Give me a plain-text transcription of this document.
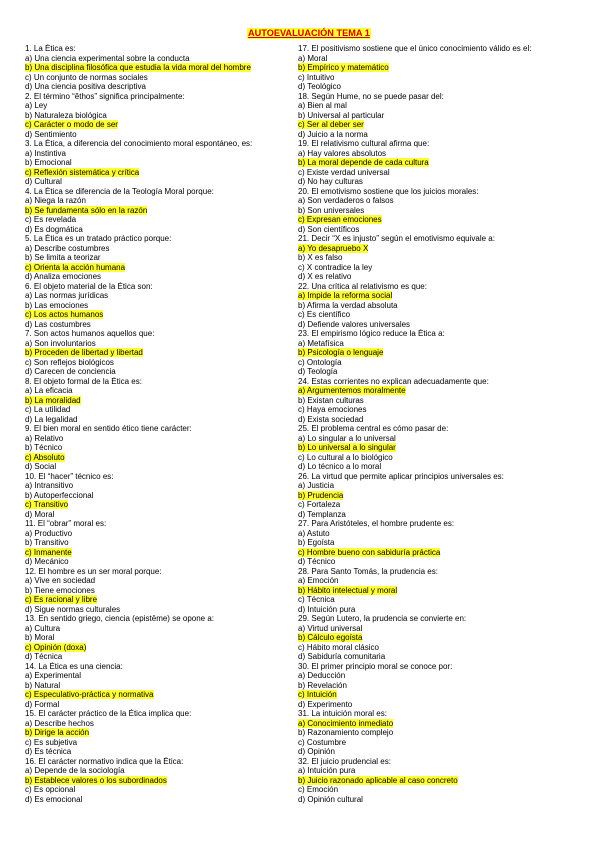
AUTOEVALUACIÓN TEMA 1
1. La Ética es:
a) Una ciencia experimental sobre la conducta
b) Una disciplina filosófica que estudia la vida moral del hombre
c) Un conjunto de normas sociales
d) Una ciencia positiva descriptiva
2. El término “êthos” significa principalmente:
a) Ley
b) Naturaleza biológica
c) Carácter o modo de ser
d) Sentimiento
3. La Ética, a diferencia del conocimiento moral espontáneo, es:
a) Instintiva
b) Emocional
c) Reflexión sistemática y crítica
d) Cultural
4. La Ética se diferencia de la Teología Moral porque:
a) Niega la razón
b) Se fundamenta sólo en la razón
c) Es revelada
d) Es dogmática
5. La Ética es un tratado práctico porque:
a) Describe costumbres
b) Se limita a teorizar
c) Orienta la acción humana
d) Analiza emociones
6. El objeto material de la Ética son:
a) Las normas jurídicas
b) Las emociones
c) Los actos humanos
d) Las costumbres
7. Son actos humanos aquellos que:
a) Son involuntarios
b) Proceden de libertad y libertad
c) Son reflejos biológicos
d) Carecen de conciencia
8. El objeto formal de la Ética es:
a) La eficacia
b) La moralidad
c) La utilidad
d) La legalidad
9. El bien moral en sentido ético tiene carácter:
a) Relativo
b) Técnico
c) Absoluto
d) Social
10. El “hacer” técnico es:
a) Intransitivo
b) Autoperfeccional
c) Transitivo
d) Moral
11. El “obrar” moral es:
a) Productivo
b) Transitivo
c) Inmanente
d) Mecánico
12. El hombre es un ser moral porque:
a) Vive en sociedad
b) Tiene emociones
c) Es racional y libre
d) Sigue normas culturales
13. En sentido griego, ciencia (epistēme) se opone a:
a) Cultura
b) Moral
c) Opinión (doxa)
d) Técnica
14. La Ética es una ciencia:
a) Experimental
b) Natural
c) Especulativo-práctica y normativa
d) Formal
15. El carácter práctico de la Ética implica que:
a) Describe hechos
b) Dirige la acción
c) Es subjetiva
d) Es técnica
16. El carácter normativo indica que la Ética:
a) Depende de la sociología
b) Establece valores o los subordinados
c) Es opcional
d) Es emocional
17. El positivismo sostiene que el único conocimiento válido es el:
a) Moral
b) Empírico y matemático
c) Intuitivo
d) Teológico
18. Según Hume, no se puede pasar del:
a) Bien al mal
b) Universal al particular
c) Ser al deber ser
d) Juicio a la norma
19. El relativismo cultural afirma que:
a) Hay valores absolutos
b) La moral depende de cada cultura
c) Existe verdad universal
d) No hay culturas
20. El emotivismo sostiene que los juicios morales:
a) Son verdaderos o falsos
b) Son universales
c) Expresan emociones
d) Son científicos
21. Decir “X es injusto” según el emotivismo equivale a:
a) Yo desapruebo X
b) X es falso
c) X contradice la ley
d) X es relativo
22. Una crítica al relativismo es que:
a) Impide la reforma social
b) Afirma la verdad absoluta
c) Es científico
d) Defiende valores universales
23. El empirismo lógico reduce la Ética a:
a) Metafísica
b) Psicología o lenguaje
c) Ontología
d) Teología
24. Estas corrientes no explican adecuadamente que:
a) Argumentemos moralmente
b) Existan culturas
c) Haya emociones
d) Exista sociedad
25. El problema central es cómo pasar de:
a) Lo singular a lo universal
b) Lo universal a lo singular
c) Lo cultural a lo biológico
d) Lo técnico a lo moral
26. La virtud que permite aplicar principios universales es:
a) Justicia
b) Prudencia
c) Fortaleza
d) Templanza
27. Para Aristóteles, el hombre prudente es:
a) Astuto
b) Egoísta
c) Hombre bueno con sabiduría práctica
d) Técnico
28. Para Santo Tomás, la prudencia es:
a) Emoción
b) Hábito intelectual y moral
c) Técnica
d) Intuición pura
29. Según Lutero, la prudencia se convierte en:
a) Virtud universal
b) Cálculo egoísta
c) Hábito moral clásico
d) Sabiduría comunitaria
30. El primer principio moral se conoce por:
a) Deducción
b) Revelación
c) Intuición
d) Experimento
31. La intuición moral es:
a) Conocimiento inmediato
b) Razonamiento complejo
c) Costumbre
d) Opinión
32. El juicio prudencial es:
a) Intuición pura
b) Juicio razonado aplicable al caso concreto
c) Emoción
d) Opinión cultural
